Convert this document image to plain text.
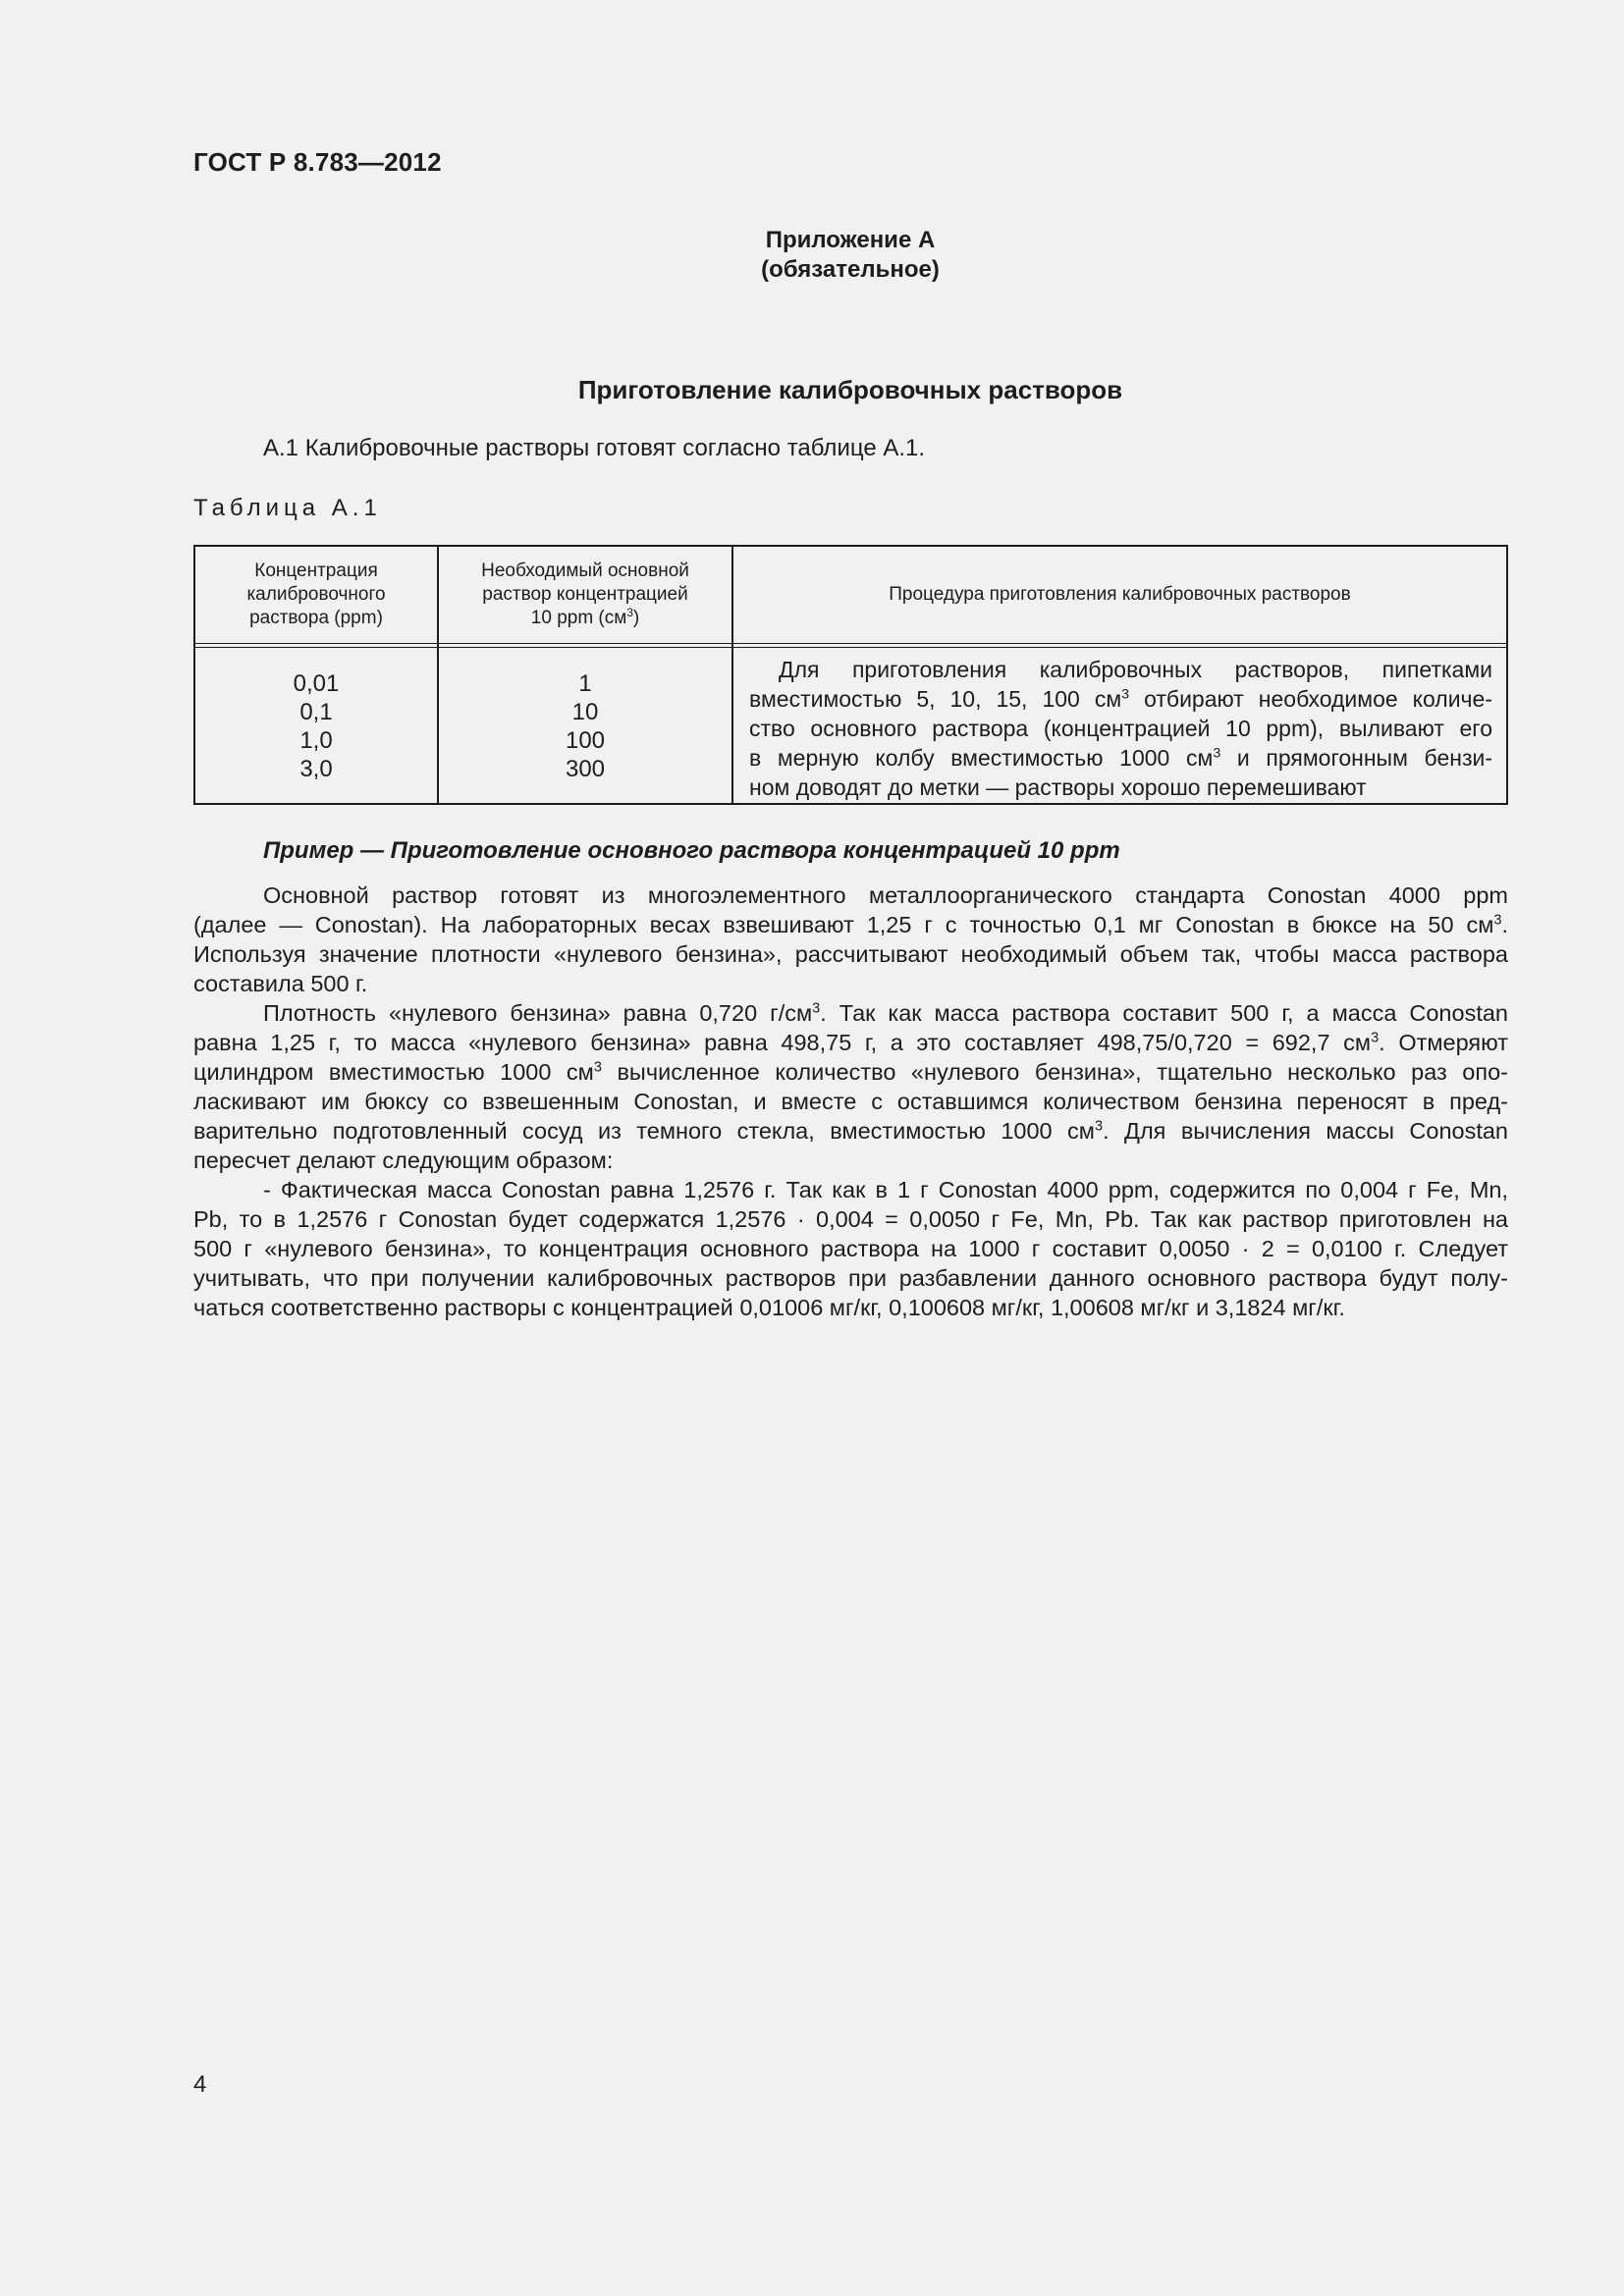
ГОСТ Р 8.783—2012
Приложение А
(обязательное)
Приготовление калибровочных растворов
А.1 Калибровочные растворы готовят согласно таблице А.1.
Таблица А.1
Концентрация
калибровочного
раствора (ppm)
Необходимый основной
раствор концентрацией
10 ppm $(см^3)$
Процедура приготовления калибровочных растворов
0,01
0,1
1,0
3,0
1
10
100
300
Для приготовления калибровочных растворов, пипетками
вместимостью 5, 10, 15, 100 $см^3$ отбирают необходимое количе-
ство основного раствора (концентрацией 10 ppm), выливают его
в мерную колбу вместимостью 1000 $см^3$ и прямогонным бензи-
ном доводят до метки — растворы хорошо перемешивают
Пример — Приготовление основного раствора концентрацией 10 ppm
Основной раствор готовят из многоэлементного металлоорганического стандарта Conostan 4000 ppm
(далее — Conostan). На лабораторных весах взвешивают 1,25 г с точностью 0,1 мг Conostan в бюксе на 50 $см^3$.
Используя значение плотности «нулевого бензина», рассчитывают необходимый объем так, чтобы масса раствора
составила 500 г.
Плотность «нулевого бензина» равна 0,720 $г/см^3$. Так как масса раствора составит 500 г, а масса Conostan
равна 1,25 г, то масса «нулевого бензина» равна 498,75 г, а это составляет 498,75/0,720 = 692,7 $см^3$. Отмеряют
цилиндром вместимостью 1000 $см^3$ вычисленное количество «нулевого бензина», тщательно несколько раз опо-
ласкивают им бюксу со взвешенным Conostan, и вместе с оставшимся количеством бензина переносят в пред-
варительно подготовленный сосуд из темного стекла, вместимостью 1000 $см^3$. Для вычисления массы Conostan
пересчет делают следующим образом:
- Фактическая масса Conostan равна 1,2576 г. Так как в 1 г Conostan 4000 ppm, содержится по 0,004 г Fe, Mn,
Pb, то в 1,2576 г Conostan будет содержатся 1,2576 · 0,004 = 0,0050 г Fe, Mn, Pb. Так как раствор приготовлен на
500 г «нулевого бензина», то концентрация основного раствора на 1000 г составит 0,0050 · 2 = 0,0100 г. Следует
учитывать, что при получении калибровочных растворов при разбавлении данного основного раствора будут полу-
чаться соответственно растворы с концентрацией 0,01006 мг/кг, 0,100608 мг/кг, 1,00608 мг/кг и 3,1824 мг/кг.
4
